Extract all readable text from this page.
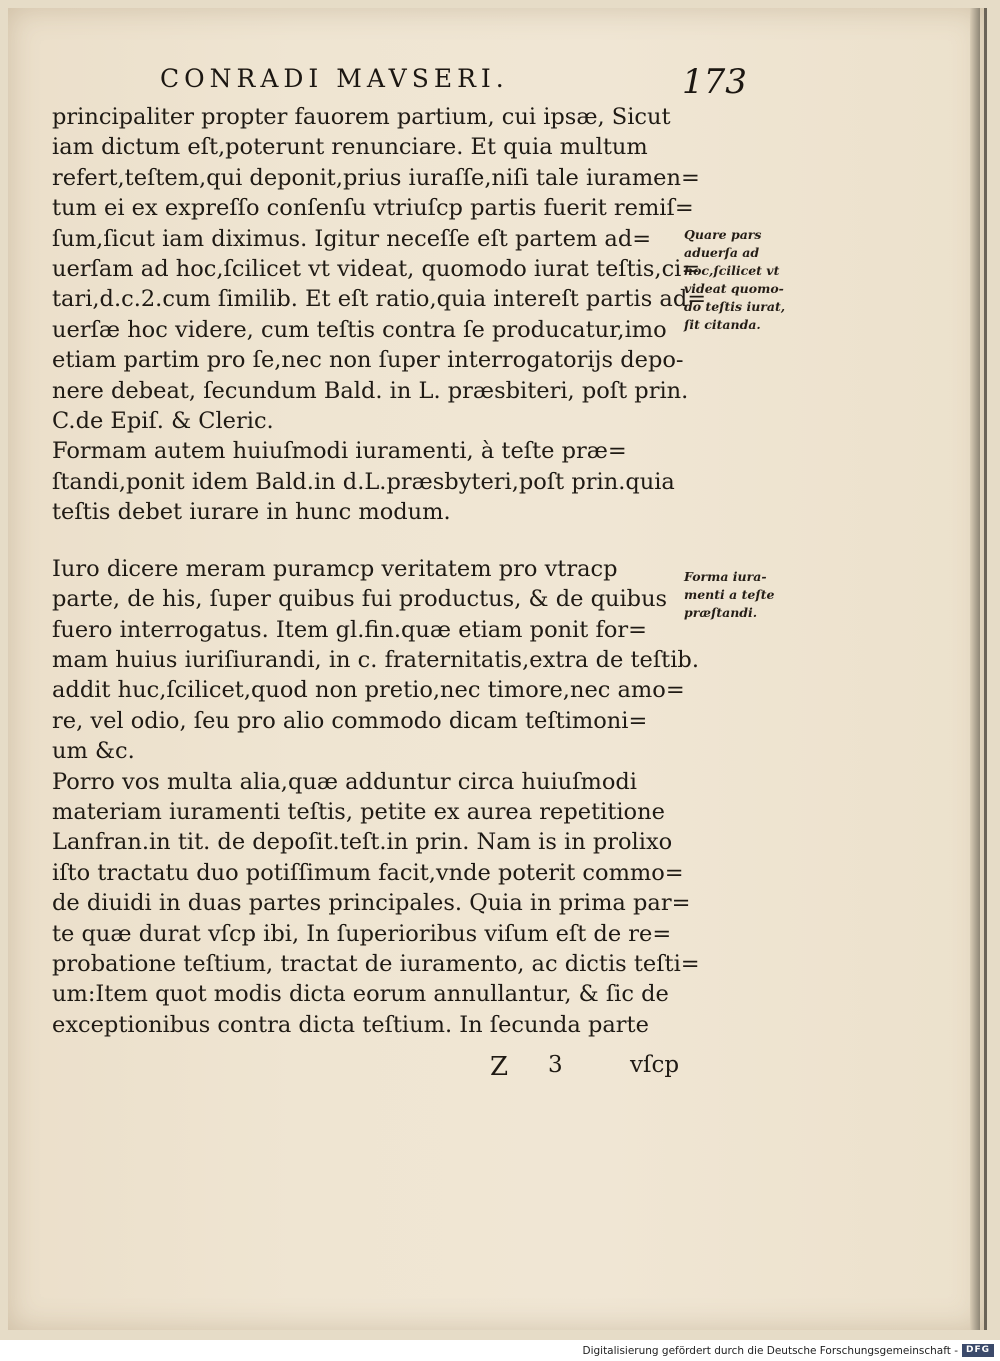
CONRADI MAVSERI.	173

principaliter propter fauorem partium, cui ipsæ, Sicut
iam dictum eſt,poterunt renunciare. Et quia multum
refert,teſtem,qui deponit,prius iuraſſe,niſi tale iuramen=
tum ei ex expreſſo conſenſu vtriuſcp partis fuerit remiſ=
ſum,ſicut iam diximus. Igitur neceſſe eſt partem ad=
uerſam ad hoc,ſcilicet vt videat, quomodo iurat teſtis,ci=
tari,d.c.2.cum ſimilib. Et eſt ratio,quia intereſt partis ad=
uerſæ hoc videre, cum teſtis contra ſe producatur,imo
etiam partim pro ſe,nec non ſuper interrogatorijs depo-
nere debeat, ſecundum Bald. in L. præsbiteri, poſt prin.
C.de Epiſ. & Cleric.

Formam autem huiuſmodi iuramenti, à teſte præ=
ſtandi,ponit idem Bald.in d.L.præsbyteri,poſt prin.quia
teſtis debet iurare in hunc modum.

Iuro dicere meram puramcp veritatem pro vtracp
parte, de his, ſuper quibus fui productus, & de quibus
fuero interrogatus. Item gl.fin.quæ etiam ponit for=
mam huius iuriſiurandi, in c. fraternitatis,extra de teſtib.
addit huc,ſcilicet,quod non pretio,nec timore,nec amo=
re, vel odio, ſeu pro alio commodo dicam teſtimoni=
um &c.

Porro vos multa alia,quæ adduntur circa huiuſmodi
materiam iuramenti teſtis, petite ex aurea repetitione
Lanfran.in tit. de depoſit.teſt.in prin. Nam is in prolixo
iſto tractatu duo potiſſimum facit,vnde poterit commo=
de diuidi in duas partes principales. Quia in prima par=
te quæ durat vſcp ibi, In ſuperioribus viſum eſt de re=
probatione teſtium, tractat de iuramento, ac dictis teſti=
um:Item quot modis dicta eorum annullantur, & ſic de
exceptionibus contra dicta teſtium. In ſecunda parte

Quare pars
aduerſa ad
hoc,ſcilicet vt
videat quomo-
do teſtis iurat,
ſit citanda.
Forma iura-
menti a teſte
præſtandi.
Z 3	vſcp
Digitalisierung gefördert durch die Deutsche Forschungsgemeinschaft - DFG
